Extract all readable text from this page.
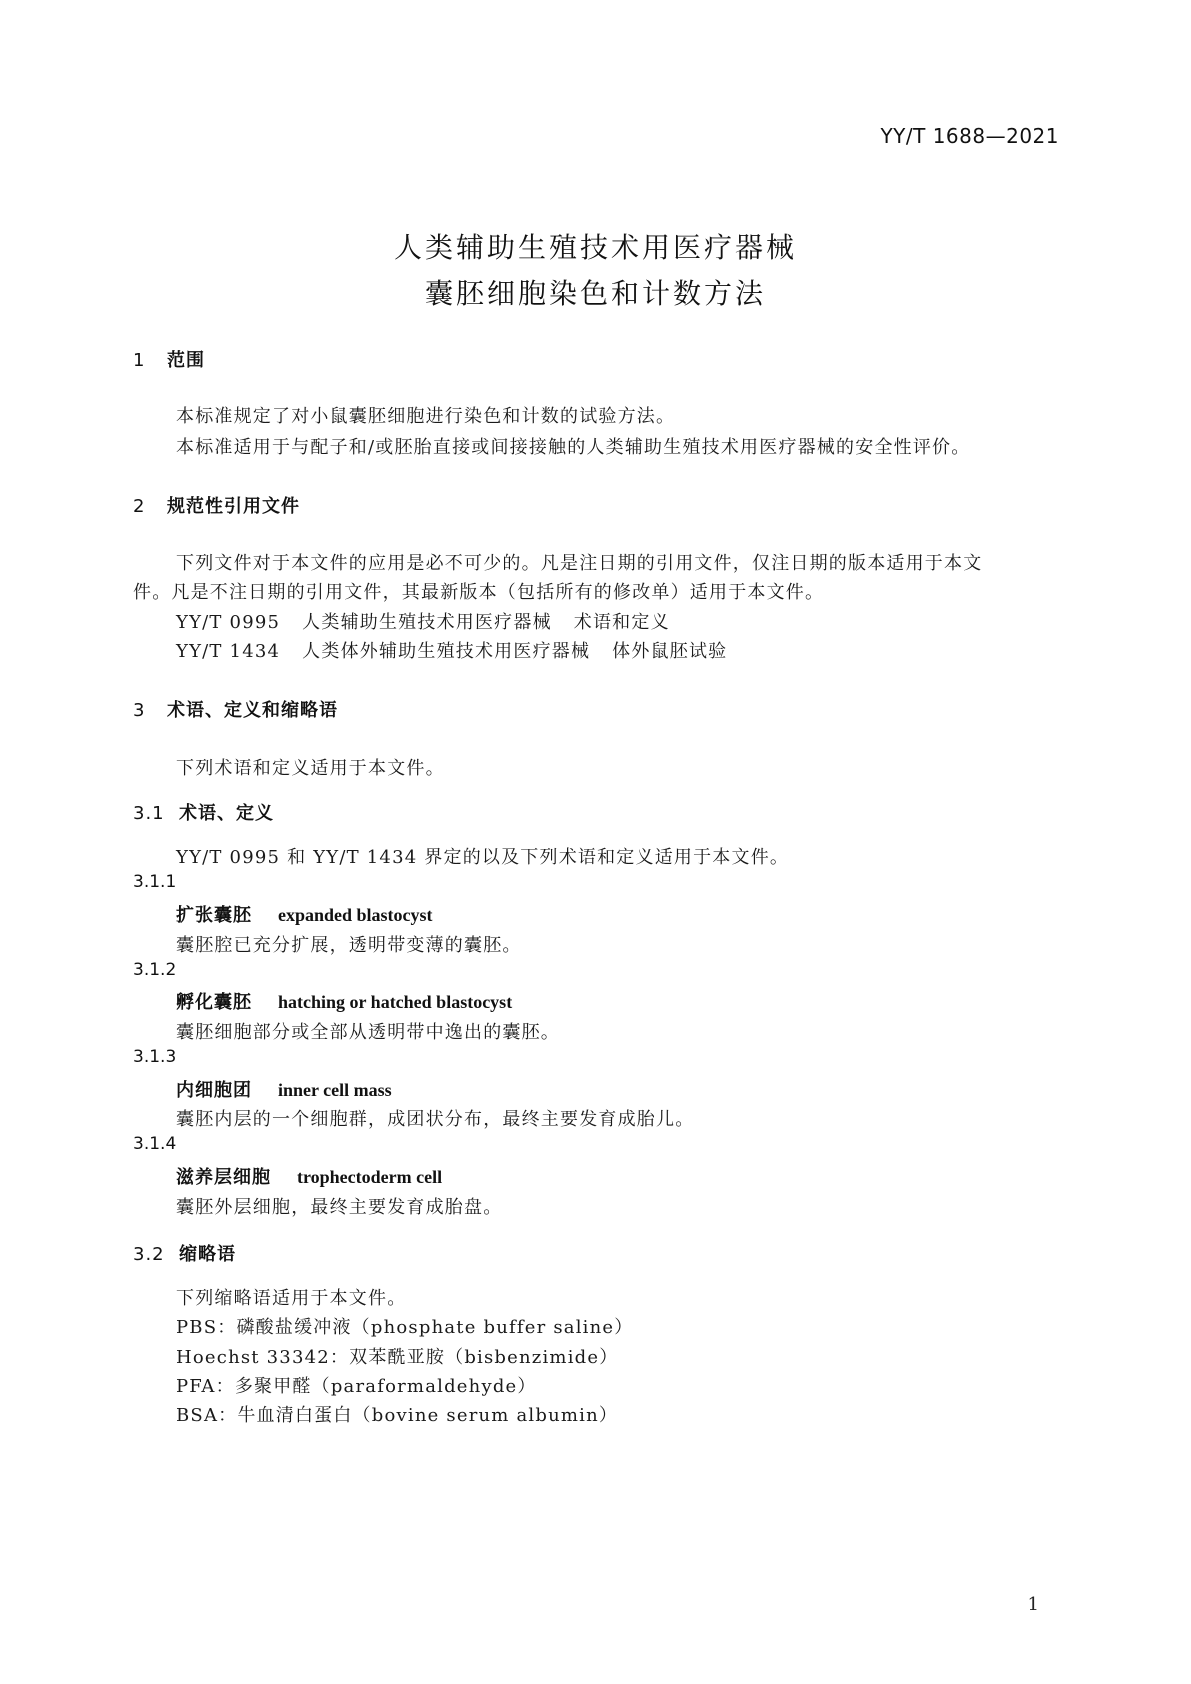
YY/T 1688—2021
人类辅助生殖技术用医疗器械
囊胚细胞染色和计数方法
1 范围
本标准规定了对小鼠囊胚细胞进行染色和计数的试验方法。
本标准适用于与配子和/或胚胎直接或间接接触的人类辅助生殖技术用医疗器械的安全性评价。
2 规范性引用文件
下列文件对于本文件的应用是必不可少的。凡是注日期的引用文件，仅注日期的版本适用于本文
件。凡是不注日期的引用文件，其最新版本（包括所有的修改单）适用于本文件。
YY/T 0995 人类辅助生殖技术用医疗器械 术语和定义
YY/T 1434 人类体外辅助生殖技术用医疗器械 体外鼠胚试验
3 术语、定义和缩略语
下列术语和定义适用于本文件。
3.1 术语、定义
YY/T 0995 和 YY/T 1434 界定的以及下列术语和定义适用于本文件。
3.1.1
扩张囊胚 expanded blastocyst
囊胚腔已充分扩展，透明带变薄的囊胚。
3.1.2
孵化囊胚 hatching or hatched blastocyst
囊胚细胞部分或全部从透明带中逸出的囊胚。
3.1.3
内细胞团 inner cell mass
囊胚内层的一个细胞群，成团状分布，最终主要发育成胎儿。
3.1.4
滋养层细胞 trophectoderm cell
囊胚外层细胞，最终主要发育成胎盘。
3.2 缩略语
下列缩略语适用于本文件。
PBS：磷酸盐缓冲液（phosphate buffer saline）
Hoechst 33342：双苯酰亚胺（bisbenzimide）
PFA：多聚甲醛（paraformaldehyde）
BSA：牛血清白蛋白（bovine serum albumin）
1
